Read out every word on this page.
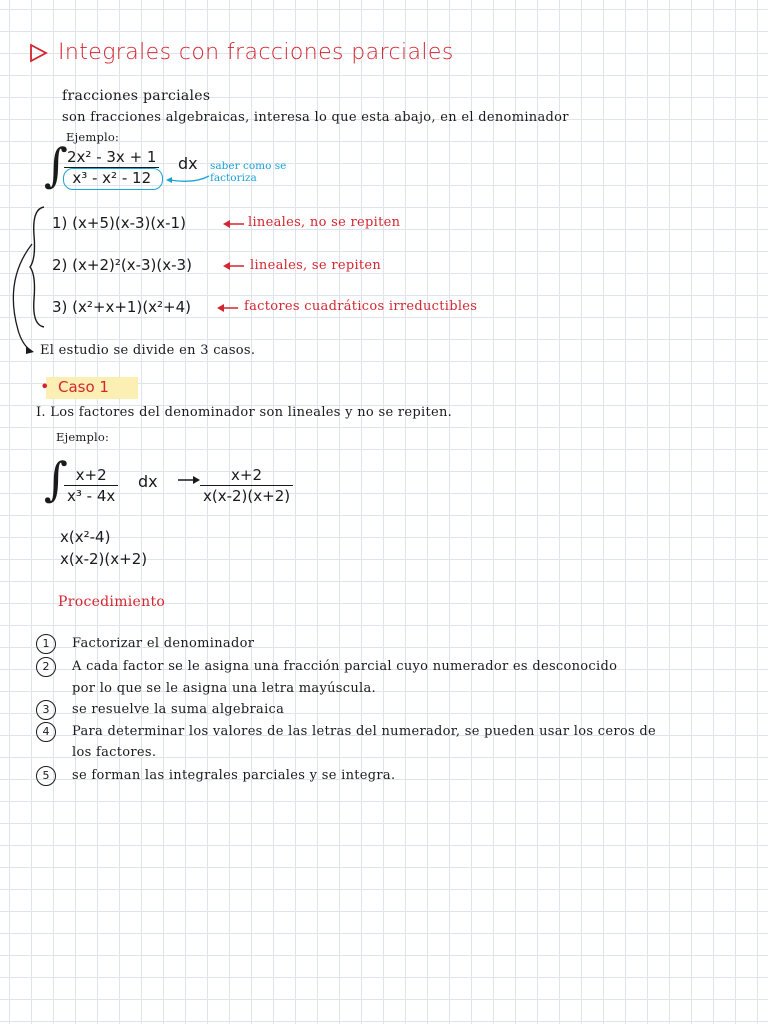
Integrales con fracciones parciales
fracciones parciales
son fracciones algebraicas, interesa lo que esta abajo, en el denominador
Ejemplo:
∫
$\frac{\text{2x² - 3x + 1}}{\text{x³ - x² - 12}}$ dx saber como se factoriza
1) (x+5)(x-3)(x-1)	lineales, no se repiten
2) (x+2)²(x-3)(x-3)	lineales, se repiten
3) (x²+x+1)(x²+4)	factores cuadráticos irreductibles
El estudio se divide en 3 casos.
• Caso 1
I. Los factores del denominador son lineales y no se repiten.
Ejemplo:
∫
$\frac{x+2}{\text{x³ - 4x}}$ dx	$\frac{x+2}{x(x-2)(x+2)}$
x(x²-4)
x(x-2)(x+2)
Procedimiento
1	Factorizar el denominador
2	A cada factor se le asigna una fracción parcial cuyo numerador es desconocido
por lo que se le asigna una letra mayúscula.
3	se resuelve la suma algebraica
4	Para determinar los valores de las letras del numerador, se pueden usar los ceros de
los factores.
5	se forman las integrales parciales y se integra.
